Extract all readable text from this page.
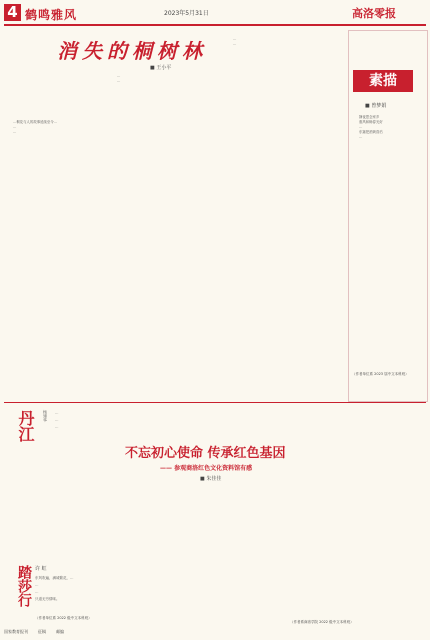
4 鹤鸣雅风	2023年5月31日	高洛零报
消失的桐树林
■ 王小平

…桐花与人的故事延续至今…

…

…

…

…

…

…

素描
■ 曾梦娟

静夜思念家乡

惠风和畅春光好

…

东篱把酒黄昏后

…

（作者单位系 2023 届中文本科班）
丹江	杨建华 …
…
…
不忘初心使命 传承红色基因
—— 参观商洛红色文化资料馆有感
■ 朱佳佳
（作者系商洛学院 2022 级中文本科班）
踏莎行 许 虹
东风吹遍，满城繁花，…
…
…
只道无穷情味。
（作者单位系 2022 级中文本科班）
国家教育报刊	征稿	邮编
